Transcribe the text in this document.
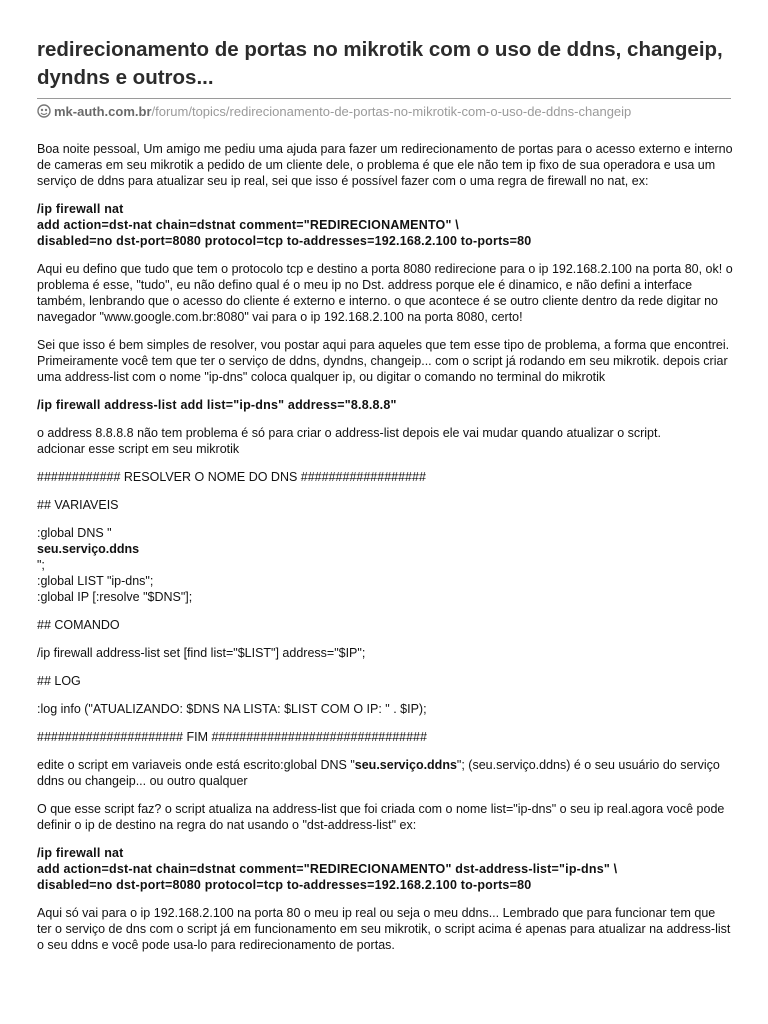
redirecionamento de portas no mikrotik com o uso de ddns, changeip, dyndns e outros...
mk-auth.com.br/forum/topics/redirecionamento-de-portas-no-mikrotik-com-o-uso-de-ddns-changeip

Boa noite pessoal, Um amigo me pediu uma ajuda para fazer um redirecionamento de portas para o acesso externo e interno de cameras em seu mikrotik a pedido de um cliente dele, o problema é que ele não tem ip fixo de sua operadora e usa um serviço de ddns para atualizar seu ip real, sei que isso é possível fazer com o uma regra de firewall no nat, ex:

/ip firewall nat
add action=dst-nat chain=dstnat comment="REDIRECIONAMENTO" \
disabled=no dst-port=8080 protocol=tcp to-addresses=192.168.2.100 to-ports=80

Aqui eu defino que tudo que tem o protocolo tcp e destino a porta 8080 redirecione para o ip 192.168.2.100 na porta 80, ok! o problema é esse, "tudo", eu não defino qual é o meu ip no Dst. address porque ele é dinamico, e não defini a interface também, lenbrando que o acesso do cliente é externo e interno. o que acontece é se outro cliente dentro da rede digitar no navegador "www.google.com.br:8080" vai para o ip 192.168.2.100 na porta 8080, certo!

Sei que isso é bem simples de resolver, vou postar aqui para aqueles que tem esse tipo de problema, a forma que encontrei. Primeiramente você tem que ter o serviço de ddns, dyndns, changeip... com o script já rodando em seu mikrotik. depois criar uma address-list com o nome "ip-dns" coloca qualquer ip, ou digitar o comando no terminal do mikrotik

/ip firewall address-list add list="ip-dns" address="8.8.8.8"

o address 8.8.8.8 não tem problema é só para criar o address-list depois ele vai mudar quando atualizar o script.
adcionar esse script em seu mikrotik

############ RESOLVER O NOME DO DNS ##################

## VARIAVEIS

:global DNS "
seu.serviço.ddns
";
:global LIST "ip-dns";
:global IP [:resolve "$DNS"];

## COMANDO

/ip firewall address-list set [find list="$LIST"] address="$IP";

## LOG

:log info ("ATUALIZANDO: $DNS NA LISTA: $LIST COM O IP: " . $IP);

##################### FIM ###############################

edite o script em variaveis onde está escrito:global DNS "seu.serviço.ddns"; (seu.serviço.ddns) é o seu usuário do serviço ddns ou changeip... ou outro qualquer

O que esse script faz? o script atualiza na address-list que foi criada com o nome list="ip-dns" o seu ip real.agora você pode definir o ip de destino na regra do nat usando o "dst-address-list" ex:

/ip firewall nat
add action=dst-nat chain=dstnat comment="REDIRECIONAMENTO" dst-address-list="ip-dns" \
disabled=no dst-port=8080 protocol=tcp to-addresses=192.168.2.100 to-ports=80

Aqui só vai para o ip 192.168.2.100 na porta 80 o meu ip real ou seja o meu ddns... Lembrado que para funcionar tem que ter o serviço de dns com o script já em funcionamento em seu mikrotik, o script acima é apenas para atualizar na address-list o seu ddns e você pode usa-lo para redirecionamento de portas.
